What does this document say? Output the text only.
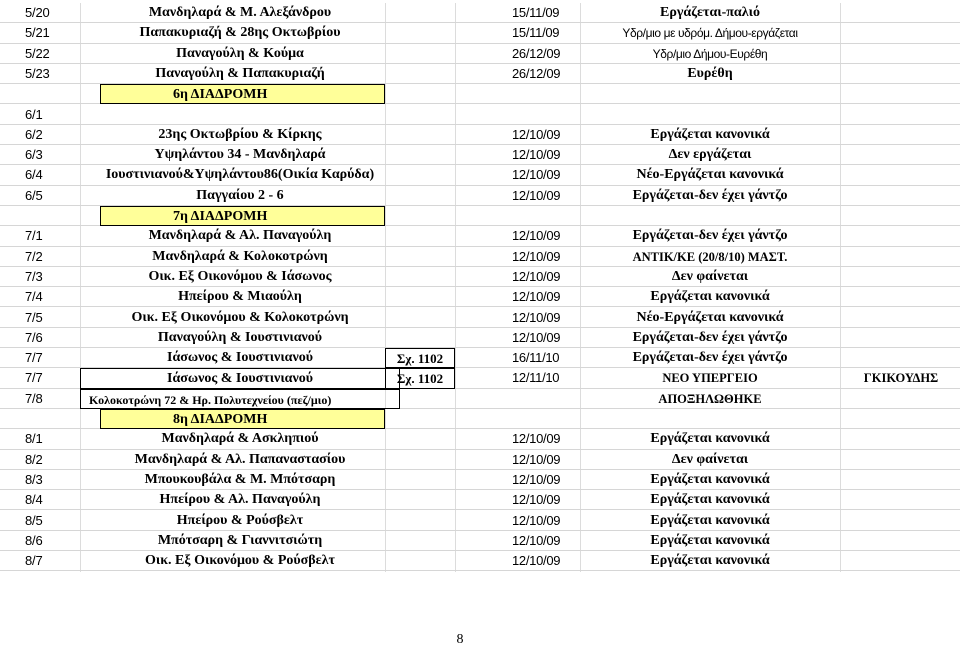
5/20	Μανδηλαρά & Μ. Αλεξάνδρου	15/11/09	Εργάζεται-παλιό
5/21	Παπακυριαζή & 28ης Οκτωβρίου	15/11/09	Υδρ/μιο με υδρόμ. Δήμου-εργάζεται
5/22	Παναγούλη & Κούμα	26/12/09	Υδρ/μιο Δήμου-Ευρέθη
5/23	Παναγούλη & Παπακυριαζή	26/12/09	Ευρέθη
6η ΔΙΑΔΡΟΜΗ
6/1
6/2	23ης Οκτωβρίου & Κίρκης	12/10/09	Εργάζεται κανονικά
6/3	Υψηλάντου 34 - Μανδηλαρά	12/10/09	Δεν εργάζεται
6/4	Ιουστινιανού&Υψηλάντου86(Οικία Καρύδα)	12/10/09	Νέο-Εργάζεται κανονικά
6/5	Παγγαίου 2 - 6	12/10/09	Εργάζεται-δεν έχει γάντζο
7η ΔΙΑΔΡΟΜΗ
7/1	Μανδηλαρά & Αλ. Παναγούλη	12/10/09	Εργάζεται-δεν έχει γάντζο
7/2	Μανδηλαρά & Κολοκοτρώνη	12/10/09	ΑΝΤΙΚ/ΚΕ (20/8/10) ΜΑΣΤ.
7/3	Οικ. Εξ Οικονόμου & Ιάσωνος	12/10/09	Δεν φαίνεται
7/4	Ηπείρου & Μιαούλη	12/10/09	Εργάζεται κανονικά
7/5	Οικ. Εξ Οικονόμου & Κολοκοτρώνη	12/10/09	Νέο-Εργάζεται κανονικά
7/6	Παναγούλη & Ιουστινιανού	12/10/09	Εργάζεται-δεν έχει γάντζο
7/7	Ιάσωνος & Ιουστινιανού	Σχ. 1102	16/11/10	Εργάζεται-δεν έχει γάντζο
7/7	Ιάσωνος & Ιουστινιανού	Σχ. 1102	12/11/10	ΝΕΟ ΥΠΕΡΓΕΙΟ	ΓΚΙΚΟΥΔΗΣ
7/8	Κολοκοτρώνη 72 & Ηρ. Πολυτεχνείου (πεζ/μιο)	ΑΠΟΞΗΛΩΘΗΚΕ
8η ΔΙΑΔΡΟΜΗ
8/1	Μανδηλαρά & Ασκληπιού	12/10/09	Εργάζεται κανονικά
8/2	Μανδηλαρά & Αλ. Παπαναστασίου	12/10/09	Δεν φαίνεται
8/3	Μπουκουβάλα & Μ. Μπότσαρη	12/10/09	Εργάζεται κανονικά
8/4	Ηπείρου & Αλ. Παναγούλη	12/10/09	Εργάζεται κανονικά
8/5	Ηπείρου & Ρούσβελτ	12/10/09	Εργάζεται κανονικά
8/6	Μπότσαρη & Γιαννιτσιώτη	12/10/09	Εργάζεται κανονικά
8/7	Οικ. Εξ Οικονόμου & Ρούσβελτ	12/10/09	Εργάζεται κανονικά
8
